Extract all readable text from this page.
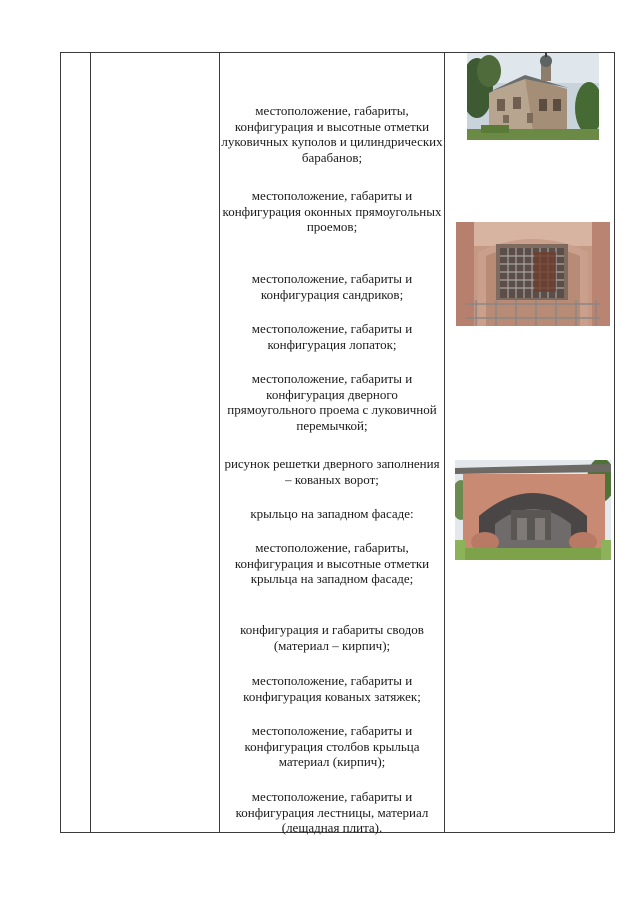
местоположение, габариты, конфигурация и высотные отметки луковичных куполов и цилиндрических барабанов;
местоположение, габариты и конфигурация оконных прямоугольных проемов;
местоположение, габариты и конфигурация сандриков;
местоположение, габариты и конфигурация лопаток;
местоположение, габариты и конфигурация дверного прямоугольного проема с луковичной перемычкой;
рисунок решетки дверного заполнения – кованых ворот;
крыльцо на западном фасаде:
местоположение, габариты, конфигурация и высотные отметки крыльца на западном фасаде;
конфигурация и габариты сводов (материал – кирпич);
местоположение, габариты и конфигурация кованых затяжек;
местоположение, габариты и конфигурация столбов крыльца материал (кирпич);
местоположение, габариты и конфигурация лестницы, материал (лещадная плита).
